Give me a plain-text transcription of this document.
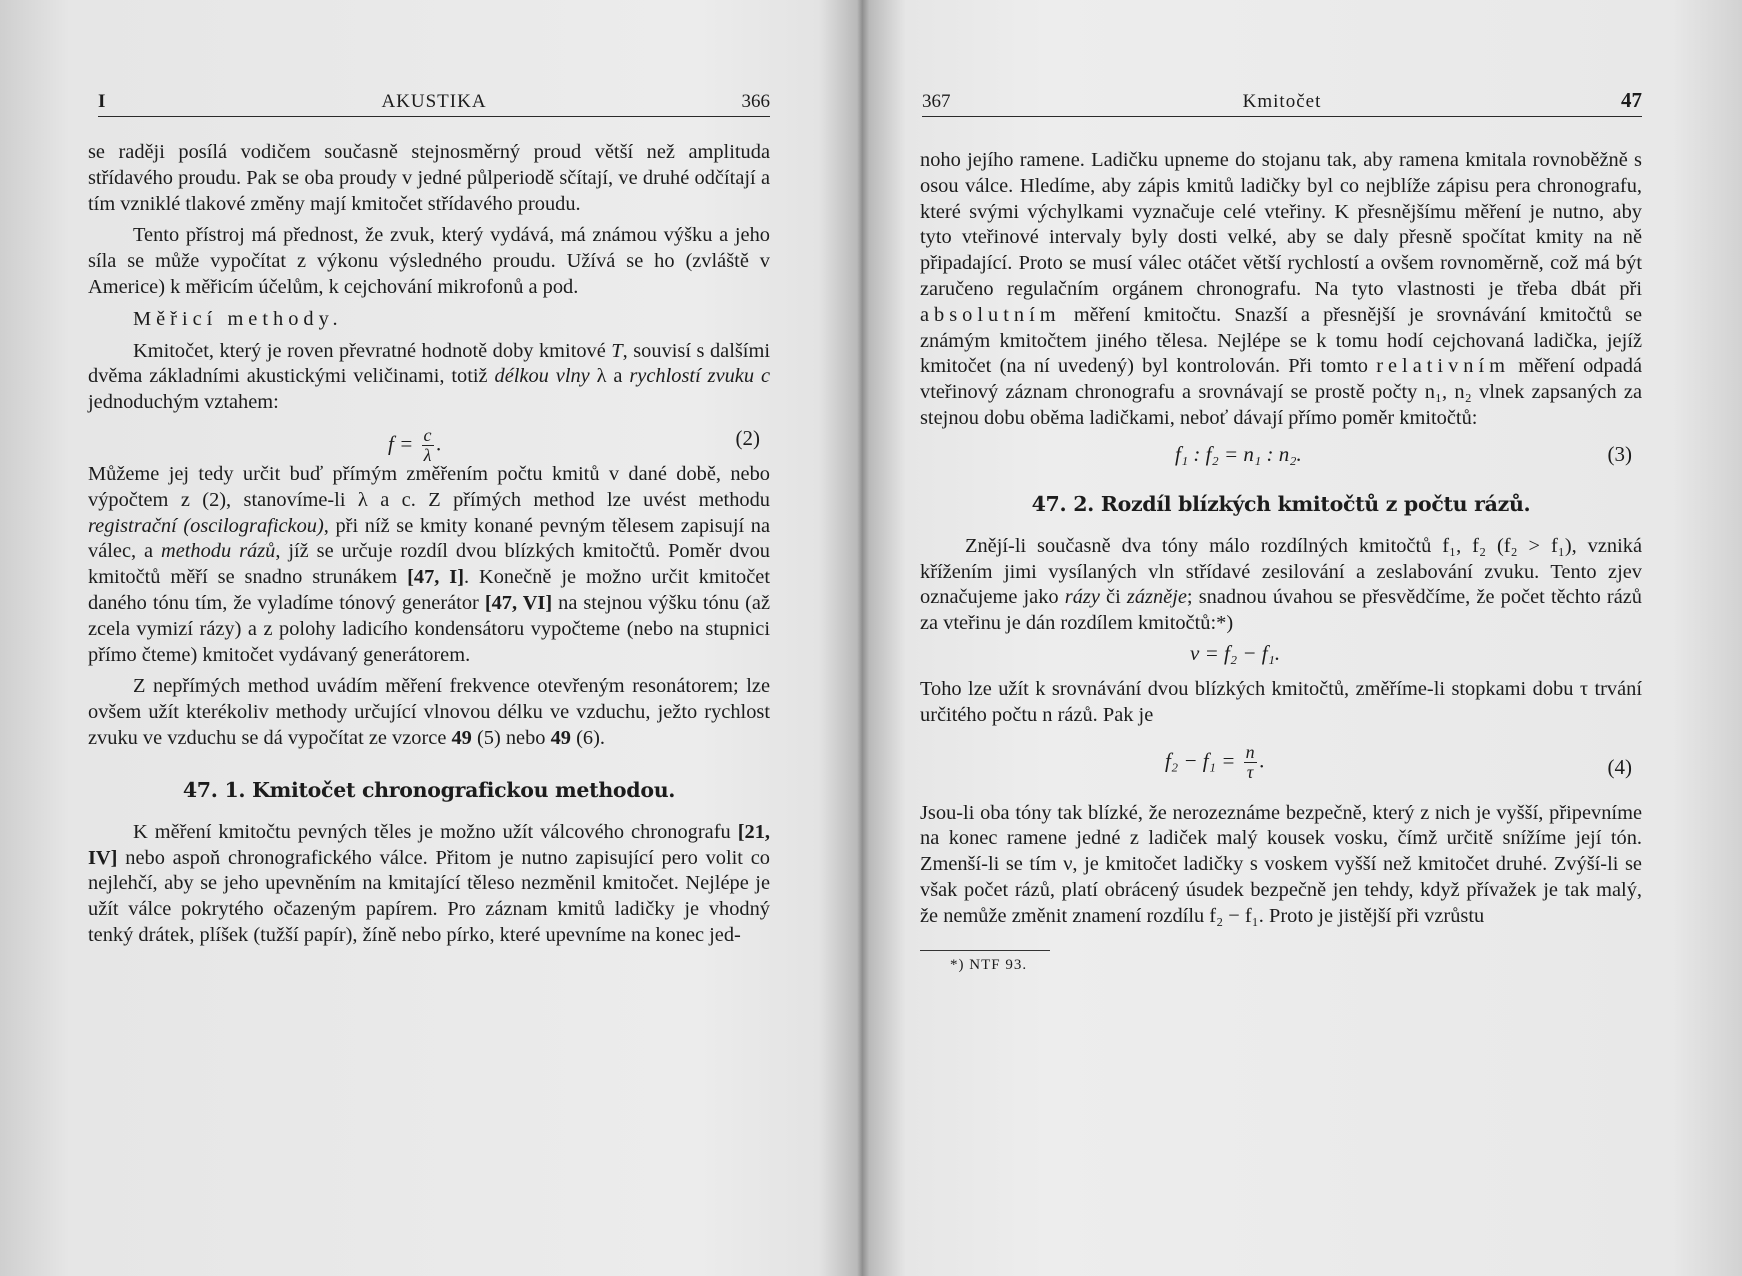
I	AKUSTIKA	366

se raději posílá vodičem současně stejnosměrný proud větší než amplituda střídavého proudu. Pak se oba proudy v jedné půlperiodě sčítají, ve druhé odčítají a tím vzniklé tlakové změny mají kmitočet střídavého proudu.

Tento přístroj má přednost, že zvuk, který vydává, má známou výšku a jeho síla se může vypočítat z výkonu výsledného proudu. Užívá se ho (zvláště v Americe) k měřicím účelům, k cejchování mikrofonů a pod.

Měřicí methody.

Kmitočet, který je roven převratné hodnotě doby kmitové T, souvisí s dalšími dvěma základními akustickými veličinami, totiž délkou vlny λ a rychlostí zvuku c jednoduchým vztahem:

$f = \frac{c}{\lambda}$ .	(2)

Můžeme jej tedy určit buď přímým změřením počtu kmitů v dané době, nebo výpočtem z (2), stanovíme-li λ a c. Z přímých method lze uvést methodu registrační (oscilografickou), při níž se kmity konané pevným tělesem zapisují na válec, a methodu rázů, jíž se určuje rozdíl dvou blízkých kmitočtů. Poměr dvou kmitočtů měří se snadno strunákem [47, I]. Konečně je možno určit kmitočet daného tónu tím, že vyladíme tónový generátor [47, VI] na stejnou výšku tónu (až zcela vymizí rázy) a z polohy ladicího kondensátoru vypočteme (nebo na stupnici přímo čteme) kmitočet vydávaný generátorem.

Z nepřímých method uvádím měření frekvence otevřeným resonátorem; lze ovšem užít kterékoliv methody určující vlnovou délku ve vzduchu, ježto rychlost zvuku ve vzduchu se dá vypočítat ze vzorce 49 (5) nebo 49 (6).

47. 1. Kmitočet chronografickou methodou.

K měření kmitočtu pevných těles je možno užít válcového chronografu [21, IV] nebo aspoň chronografického válce. Přitom je nutno zapisující pero volit co nejlehčí, aby se jeho upevněním na kmitající těleso nezměnil kmitočet. Nejlépe je užít válce pokrytého očazeným papírem. Pro záznam kmitů ladičky je vhodný tenký drátek, plíšek (tužší papír), žíně nebo pírko, které upevníme na konec jed-

367	Kmitočet	47

noho jejího ramene. Ladičku upneme do stojanu tak, aby ramena kmitala rovnoběžně s osou válce. Hledíme, aby zápis kmitů ladičky byl co nejblíže zápisu pera chronografu, které svými výchylkami vyznačuje celé vteřiny. K přesnějšímu měření je nutno, aby tyto vteřinové intervaly byly dosti velké, aby se daly přesně spočítat kmity na ně připadající. Proto se musí válec otáčet větší rychlostí a ovšem rovnoměrně, což má být zaručeno regulačním orgánem chronografu. Na tyto vlastnosti je třeba dbát při absolutním měření kmitočtu. Snazší a přesnější je srovnávání kmitočtů se známým kmitočtem jiného tělesa. Nejlépe se k tomu hodí cejchovaná ladička, jejíž kmitočet (na ní uvedený) byl kontrolován. Při tomto relativním měření odpadá vteřinový záznam chronografu a srovnávají se prostě počty n₁, n₂ vlnek zapsaných za stejnou dobu oběma ladičkami, neboť dávají přímo poměr kmitočtů:

f₁ : f₂ = n₁ : n₂.	(3)
47. 2. Rozdíl blízkých kmitočtů z počtu rázů.

Znějí-li současně dva tóny málo rozdílných kmitočtů f₁, f₂ (f₂ > f₁), vzniká křížením jimi vysílaných vln střídavé zesilování a zeslabování zvuku. Tento zjev označujeme jako rázy či zázněje; snadnou úvahou se přesvědčíme, že počet těchto rázů za vteřinu je dán rozdílem kmitočtů:*)

ν = f₂ − f₁.

Toho lze užít k srovnávání dvou blízkých kmitočtů, změříme-li stopkami dobu τ trvání určitého počtu n rázů. Pak je

$f_2 - f_1 = \frac{n}{\tau}$ .	(4)

Jsou-li oba tóny tak blízké, že nerozeznáme bezpečně, který z nich je vyšší, připevníme na konec ramene jedné z ladiček malý kousek vosku, čímž určitě snížíme její tón. Zmenší-li se tím ν, je kmitočet ladičky s voskem vyšší než kmitočet druhé. Zvýší-li se však počet rázů, platí obrácený úsudek bezpečně jen tehdy, když přívažek je tak malý, že nemůže změnit znamení rozdílu f₂ − f₁. Proto je jistější při vzrůstu

*) NTF 93.
